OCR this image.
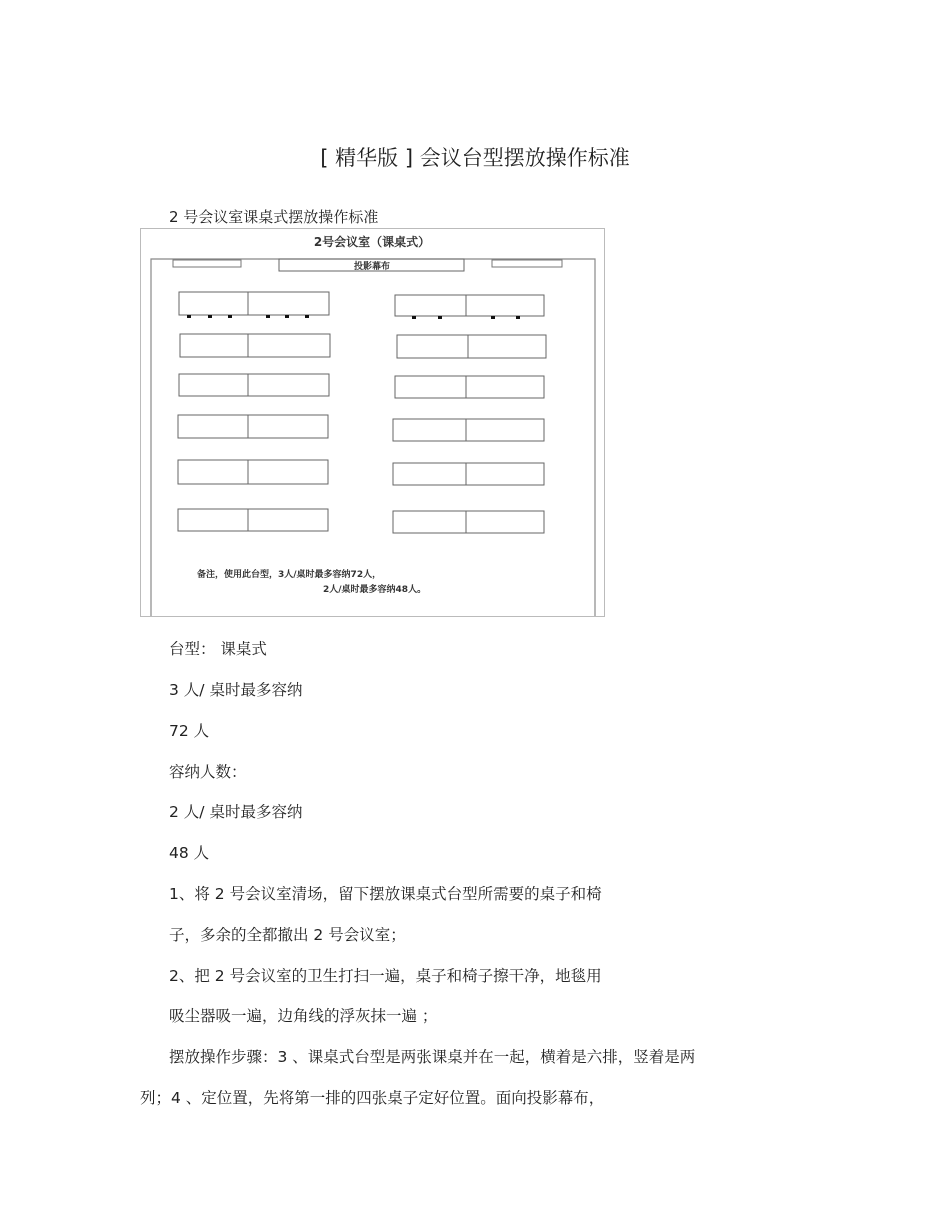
[ 精华版 ] 会议台型摆放操作标准
2 号会议室课桌式摆放操作标准
2号会议室（课桌式）
投影幕布
备注，使用此台型，3人/桌时最多容纳72人，
2人/桌时最多容纳48人。
台型： 课桌式
3 人/ 桌时最多容纳
72 人
容纳人数：
2 人/ 桌时最多容纳
48 人
1、将 2 号会议室清场，留下摆放课桌式台型所需要的桌子和椅
子，多余的全都撤出 2 号会议室；
2、把 2 号会议室的卫生打扫一遍，桌子和椅子擦干净，地毯用
吸尘器吸一遍，边角线的浮灰抹一遍 ；
摆放操作步骤：3 、课桌式台型是两张课桌并在一起，横着是六排，竖着是两
列；4 、定位置，先将第一排的四张桌子定好位置。面向投影幕布，
